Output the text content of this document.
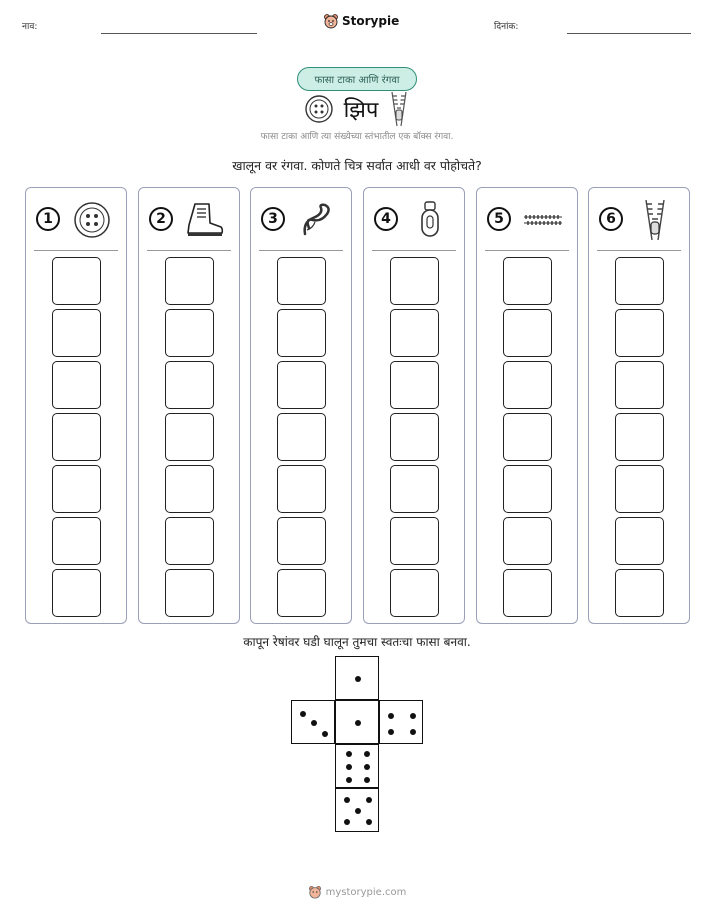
नाव:	Storypie	दिनांक:
फासा टाका आणि रंगवा
झिप
फासा टाका आणि त्या संख्येच्या स्तंभातील एक बॉक्स रंगवा.
खालून वर रंगवा. कोणते चित्र सर्वात आधी वर पोहोचते?
1	2	3	4	5	6
कापून रेषांवर घडी घालून तुमचा स्वतःचा फासा बनवा.
mystorypie.com
